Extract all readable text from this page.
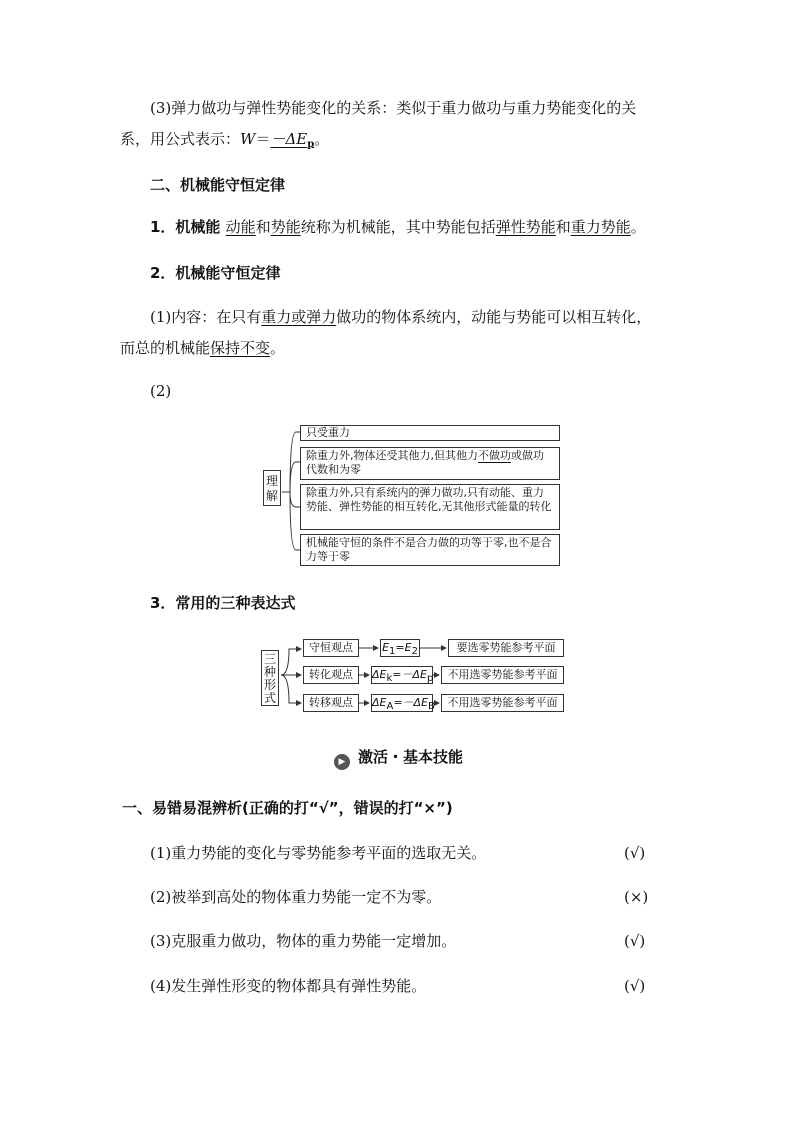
(3)弹力做功与弹性势能变化的关系：类似于重力做功与重力势能变化的关
系，用公式表示：$W=-\Delta E_p$。
二、机械能守恒定律
1．机械能 动能和势能统称为机械能，其中势能包括弹性势能和重力势能。
2．机械能守恒定律
(1)内容：在只有重力或弹力做功的物体系统内，动能与势能可以相互转化，
而总的机械能保持不变。
(2)
理解
只受重力
除重力外,物体还受其他力,但其他力不做功或做功代数和为零
除重力外,只有系统内的弹力做功,只有动能、重力势能、弹性势能的相互转化,无其他形式能量的转化
机械能守恒的条件不是合力做的功等于零,也不是合力等于零
3．常用的三种表达式
三种形式
守恒观点	E1=E2	要选零势能参考平面
转化观点	ΔEk=－ΔEp	不用选零势能参考平面
转移观点	ΔEA=－ΔEB	不用选零势能参考平面
▶ 激活・基本技能
一、易错易混辨析(正确的打“√”，错误的打“×”)
(1)重力势能的变化与零势能参考平面的选取无关。	(√)
(2)被举到高处的物体重力势能一定不为零。	(×)
(3)克服重力做功，物体的重力势能一定增加。	(√)
(4)发生弹性形变的物体都具有弹性势能。	(√)
